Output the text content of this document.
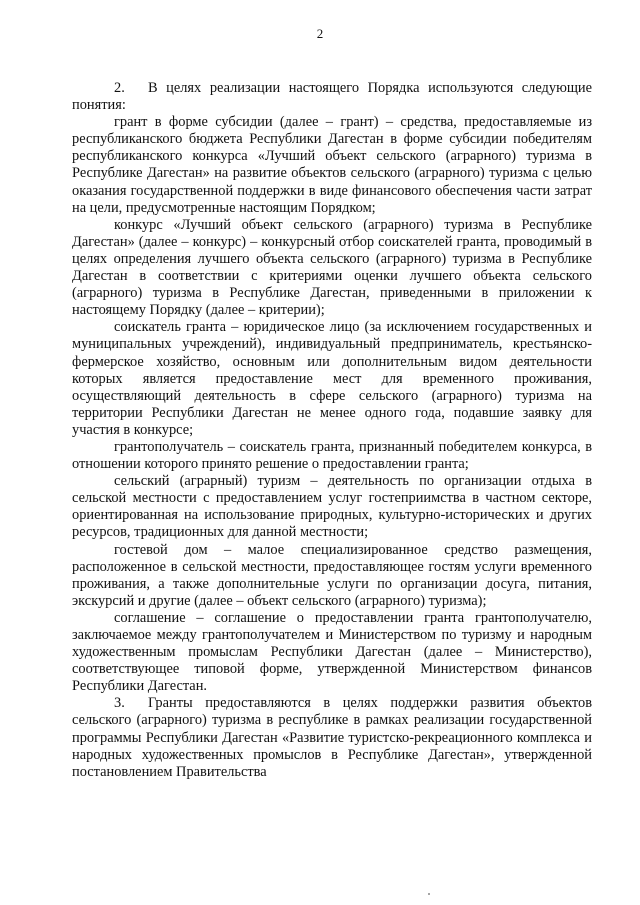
2

2. В целях реализации настоящего Порядка используются следующие понятия:

грант в форме субсидии (далее – грант) – средства, предоставляемые из республиканского бюджета Республики Дагестан в форме субсидии победителям республиканского конкурса «Лучший объект сельского (аграрного) туризма в Республике Дагестан» на развитие объектов сельского (аграрного) туризма с целью оказания государственной поддержки в виде финансового обеспечения части затрат на цели, предусмотренные настоящим Порядком;

конкурс «Лучший объект сельского (аграрного) туризма в Республике Дагестан» (далее – конкурс) – конкурсный отбор соискателей гранта, проводимый в целях определения лучшего объекта сельского (аграрного) туризма в Республике Дагестан в соответствии с критериями оценки лучшего объекта сельского (аграрного) туризма в Республике Дагестан, приведенными в приложении к настоящему Порядку (далее – критерии);

соискатель гранта – юридическое лицо (за исключением государственных и муниципальных учреждений), индивидуальный предприниматель, крестьянско-фермерское хозяйство, основным или дополнительным видом деятельности которых является предоставление мест для временного проживания, осуществляющий деятельность в сфере сельского (аграрного) туризма на территории Республики Дагестан не менее одного года, подавшие заявку для участия в конкурсе;

грантополучатель – соискатель гранта, признанный победителем конкурса, в отношении которого принято решение о предоставлении гранта;

сельский (аграрный) туризм – деятельность по организации отдыха в сельской местности с предоставлением услуг гостеприимства в частном секторе, ориентированная на использование природных, культурно-исторических и других ресурсов, традиционных для данной местности;

гостевой дом – малое специализированное средство размещения, расположенное в сельской местности, предоставляющее гостям услуги временного проживания, а также дополнительные услуги по организации досуга, питания, экскурсий и другие (далее – объект сельского (аграрного) туризма);

соглашение – соглашение о предоставлении гранта грантополучателю, заключаемое между грантополучателем и Министерством по туризму и народным художественным промыслам Республики Дагестан (далее – Министерство), соответствующее типовой форме, утвержденной Министерством финансов Республики Дагестан.

3. Гранты предоставляются в целях поддержки развития объектов сельского (аграрного) туризма в республике в рамках реализации государственной программы Республики Дагестан «Развитие туристско-рекреационного комплекса и народных художественных промыслов в Республике Дагестан», утвержденной постановлением Правительства
